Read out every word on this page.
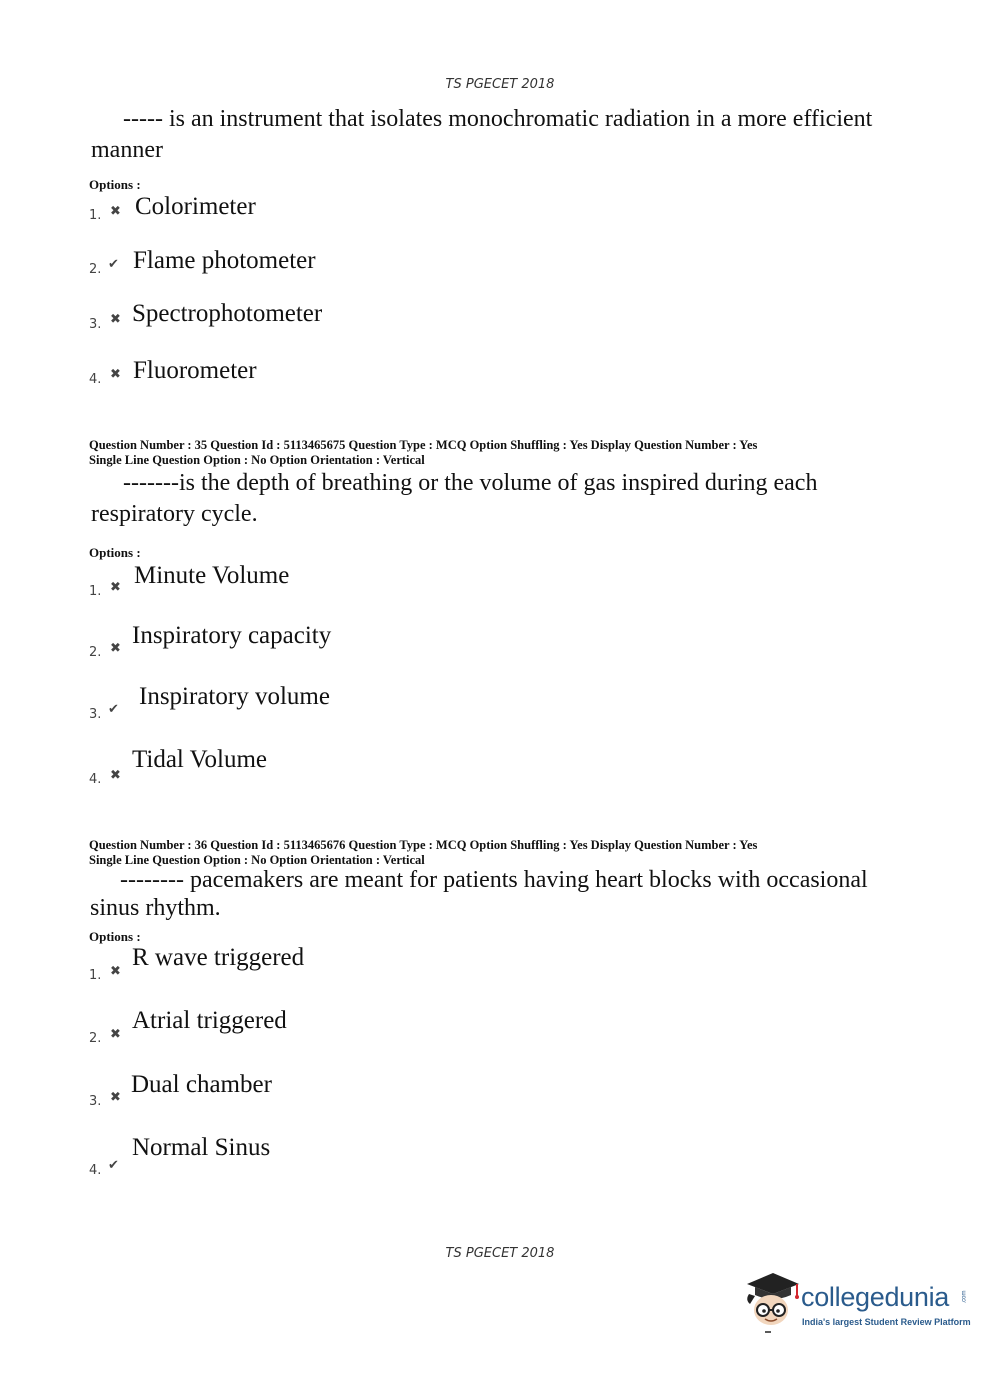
TS PGECET 2018
----- is an instrument that isolates monochromatic radiation in a more efficient
manner
Options :
1. ✖ Colorimeter
2. ✔ Flame photometer
3. ✖ Spectrophotometer
4. ✖ Fluorometer
Question Number : 35 Question Id : 5113465675 Question Type : MCQ Option Shuffling : Yes Display Question Number : Yes
Single Line Question Option : No Option Orientation : Vertical
-------is the depth of breathing or the volume of gas inspired during each
respiratory cycle.
Options :
1. ✖ Minute Volume
2. ✖ Inspiratory capacity
3. ✔ Inspiratory volume
4. ✖
Tidal Volume
Question Number : 36 Question Id : 5113465676 Question Type : MCQ Option Shuffling : Yes Display Question Number : Yes
Single Line Question Option : No Option Orientation : Vertical
-------- pacemakers are meant for patients having heart blocks with occasional
sinus rhythm.
Options :
1. ✖
R wave triggered
2. ✖
Atrial triggered
3. ✖ Dual chamber
4. ✔
Normal Sinus
TS PGECET 2018
collegedunia .com
India's largest Student Review Platform
